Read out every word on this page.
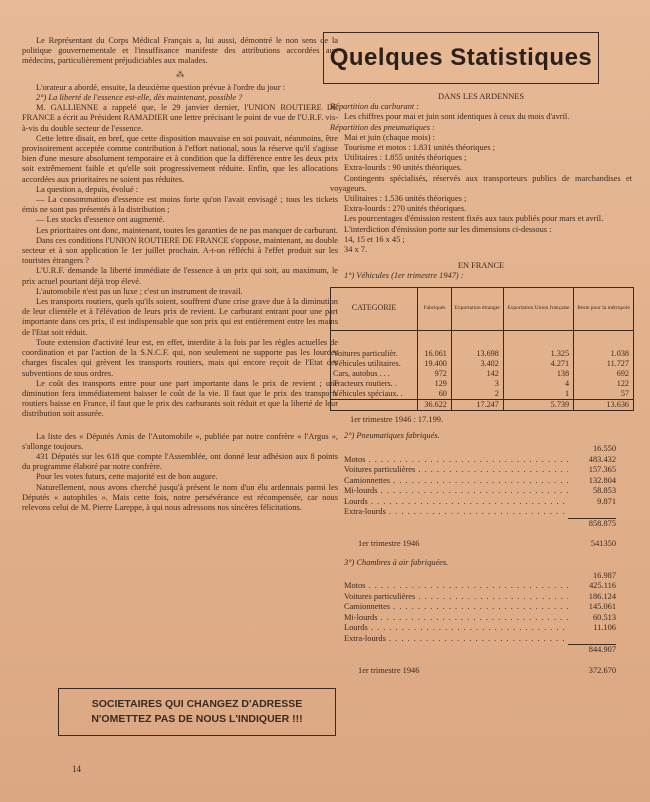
Le Représentant du Corps Médical Français a, lui aussi, démontré le non sens de la politique gouvernementale et l'insuffisance manifeste des attributions accordées aux médecins, particulièrement préjudiciables aux malades.

⁂

L'orateur a abordé, ensuite, la deuxième question prévue à l'ordre du jour :

2°) La liberté de l'essence est-elle, dès maintenant, possible ?

M. GALLIENNE a rappelé que, le 29 janvier dernier, l'UNION ROUTIERE DE FRANCE a écrit au Président RAMADIER une lettre précisant le point de vue de l'U.R.F. vis-à-vis du double secteur de l'essence.

Cette lettre disait, en bref, que cette disposition mauvaise en soi pouvait, néanmoins, être provisoirement acceptée comme contribution à l'effort national, sous la réserve qu'il s'agisse bien d'une mesure absolument temporaire et à condition que la différence entre les deux prix soit extrêmement faible et qu'elle soit progressivement réduite. Enfin, que les allocations accordées aux prioritaires ne soient pas réduites.

La question a, depuis, évolué :

— La consommation d'essence est moins forte qu'on l'avait envisagé ; tous les tickets émis ne sont pas présentés à la distribution ;

— Les stocks d'essence ont augmenté.

Les prioritaires ont donc, maintenant, toutes les garanties de ne pas manquer de carburant.

Dans ces conditions l'UNION ROUTIERE DE FRANCE s'oppose, maintenant, au double secteur et à son application le 1er juillet prochain. A-t-on réfléchi à l'effet produit sur les touristes étrangers ?

L'U.R.F. demande la liberté immédiate de l'essence à un prix qui soit, au maximum, le prix actuel pourtant déjà trop élevé.

L'automobile n'est pas un luxe ; c'est un instrument de travail.

Les transports routiers, quels qu'ils soient, souffrent d'une crise grave due à la diminution de leur clientèle et à l'élévation de leurs prix de revient. Le carburant entrant pour une part importante dans ces prix, il est indispensable que son prix qui est entièrement entre les mains de l'Etat soit réduit.

Toute extension d'activité leur est, en effet, interdite à la fois par les règles actuelles de coordination et par l'action de la S.N.C.F. qui, non seulement ne supporte pas les lourdes charges fiscales qui grèvent les transports routiers, mais qui encore reçoit de l'Etat des subventions de tous ordres.

Le coût des transports entre pour une part importante dans le prix de revient ; une diminution fera immédiatement baisser le coût de la vie. Il faut que le prix des transports routiers baisse en France, il faut que le prix des carburants soit réduit et que la liberté de leur distribution soit assurée.

La liste des « Députés Amis de l'Automobile », publiée par notre confrère « l'Argus », s'allonge toujours.

431 Députés sur les 618 que compte l'Assemblée, ont donné leur adhésion aux 8 points du programme élaboré par notre confrère.

Pour les votes futurs, cette majorité est de bon augure.

Naturellement, nous avons cherché jusqu'à présent le nom d'un élu ardennais parmi les Députés « autophiles ». Mais cette fois, notre persévérance est récompensée, car nous relevons celui de M. Pierre Lareppe, à qui nous adressons nos sincères félicitations.

Quelques Statistiques

DANS LES ARDENNES

Répartition du carburant :

Les chiffres pour mai et juin sont identiques à ceux du mois d'avril.

Répartition des pneumatiques :

Mai et juin (chaque mois) :

Tourisme et motos : 1.831 unités théoriques ;

Utilitaires : 1.855 unités théoriques ;

Extra-lourds : 90 unités théoriques.

Contingents spécialisés, réservés aux transporteurs publics de marchandises et voyageurs.

Utilitaires : 1.536 unités théoriques ;

Extra-lourds : 270 unités théoriques.

Les pourcentages d'émission restent fixés aux taux publiés pour mars et avril.

L'interdiction d'émission porte sur les dimensions ci-dessous :

14, 15 et 16 x 45 ;

34 x 7.

EN FRANCE

1°) Véhicules (1er trimestre 1947) :

CATEGORIE	Fabriqués	Exportation étranger	Exportation Union française	Reste pour la métropole
Voitures particulièr.	16.061	13.698	1.325	1.038
Véhicules utilitaires.	19.400	3.402	4.271	11.727
Cars, autobus . . .	972	142	138	692
Tracteurs routiers. .	129	3	4	122
Véhicules spéciaux. .	60	2	1	57
	36.622	17.247	5.739	13.636

1er trimestre 1946 : 17.199.

2°) Pneumatiques fabriqués.

16.550
Motos . . .	483.432
Voitures particulières . . .	157.365
Camionnettes . . .	132.804
Mi-lourds . . .	58.853
Lourds . . .	9.871
Extra-lourds . . .
858.875
1er trimestre 1946	541350

3°) Chambres à air fabriquées.

16.987
Motos . . .	425.116
Voitures particulières . . .	186.124
Camionnettes . . .	145.061
Mi-lourds . . .	60.513
Lourds . . .	11.106
Extra-lourds . . .
844.907
1er trimestre 1946	372.670
SOCIETAIRES QUI CHANGEZ D'ADRESSE
N'OMETTEZ PAS DE NOUS L'INDIQUER !!!
14
